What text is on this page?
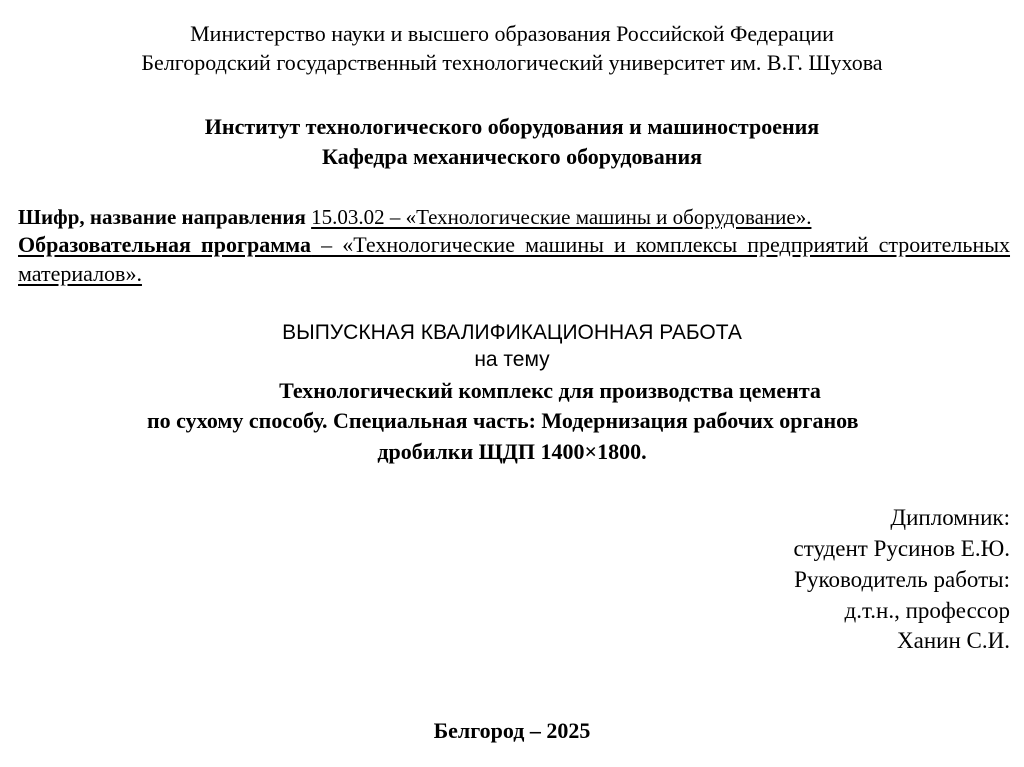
Министерство науки и высшего образования Российской Федерации
Белгородский государственный технологический университет им. В.Г. Шухова
Институт технологического оборудования и машиностроения
Кафедра механического оборудования
Шифр, название направления 15.03.02 – «Технологические машины и оборудование».
Образовательная программа – «Технологические машины и комплексы предприятий строительных материалов».
ВЫПУСКНАЯ КВАЛИФИКАЦИОННАЯ РАБОТА
на тему
Технологический комплекс для производства цемента
по сухому способу. Специальная часть: Модернизация рабочих органов
дробилки ЩДП 1400×1800.
Дипломник:
студент Русинов Е.Ю.
Руководитель работы:
д.т.н., профессор
Ханин С.И.
Белгород – 2025
